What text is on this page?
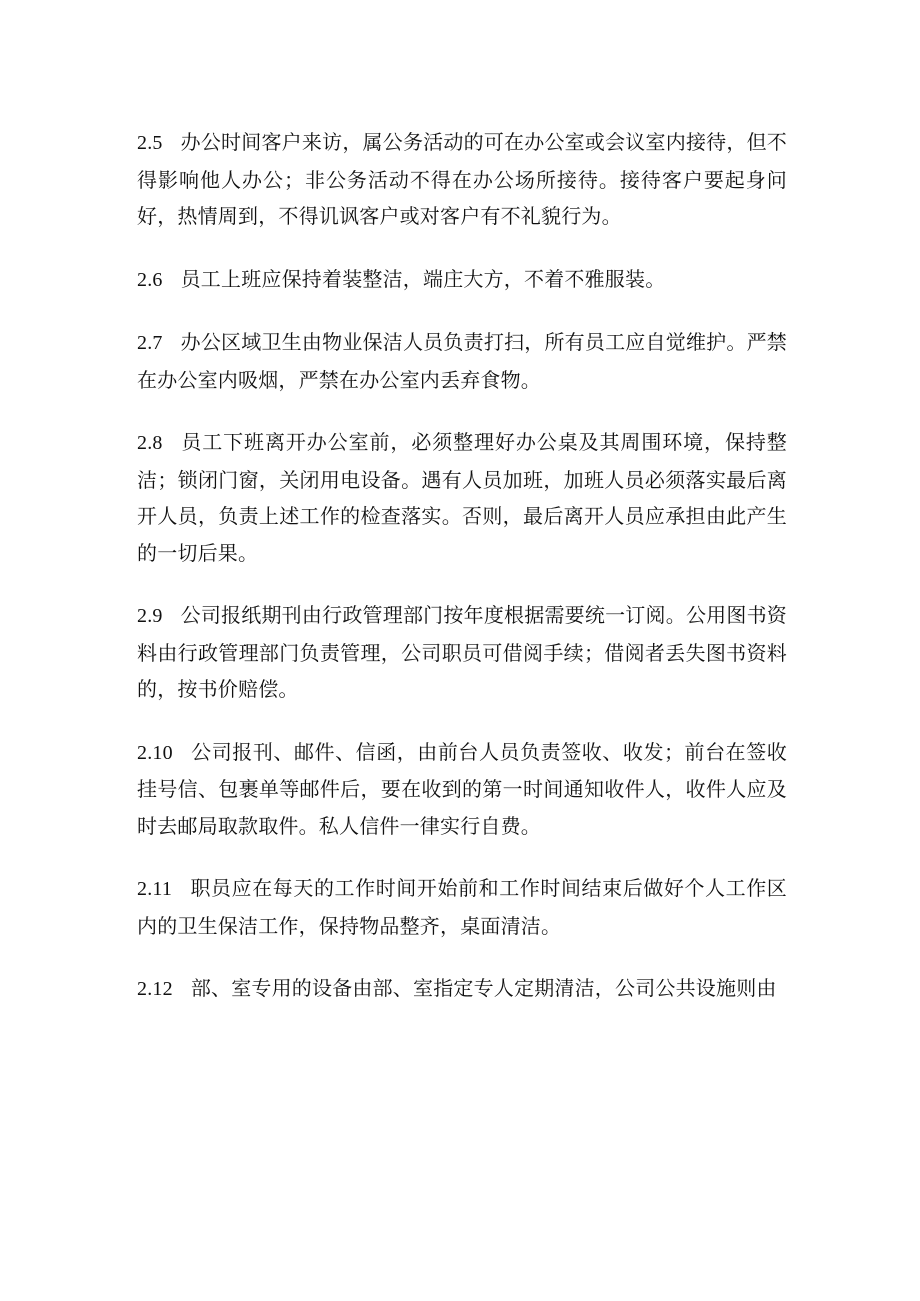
2.5 办公时间客户来访，属公务活动的可在办公室或会议室内接待，但不得影响他人办公；非公务活动不得在办公场所接待。接待客户要起身问好，热情周到，不得讥讽客户或对客户有不礼貌行为。

2.6 员工上班应保持着装整洁，端庄大方，不着不雅服装。

2.7 办公区域卫生由物业保洁人员负责打扫，所有员工应自觉维护。严禁在办公室内吸烟，严禁在办公室内丢弃食物。

2.8 员工下班离开办公室前，必须整理好办公桌及其周围环境，保持整洁；锁闭门窗，关闭用电设备。遇有人员加班，加班人员必须落实最后离开人员，负责上述工作的检查落实。否则，最后离开人员应承担由此产生的一切后果。

2.9 公司报纸期刊由行政管理部门按年度根据需要统一订阅。公用图书资料由行政管理部门负责管理，公司职员可借阅手续；借阅者丢失图书资料的，按书价赔偿。

2.10 公司报刊、邮件、信函，由前台人员负责签收、收发；前台在签收挂号信、包裹单等邮件后，要在收到的第一时间通知收件人，收件人应及时去邮局取款取件。私人信件一律实行自费。

2.11 职员应在每天的工作时间开始前和工作时间结束后做好个人工作区内的卫生保洁工作，保持物品整齐，桌面清洁。

2.12 部、室专用的设备由部、室指定专人定期清洁，公司公共设施则由
